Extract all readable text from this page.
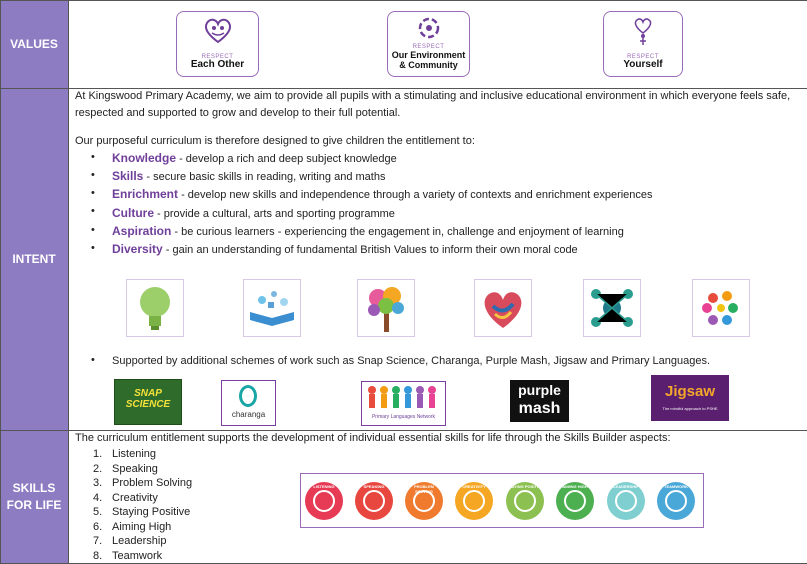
VALUES
RESPECT
Each Other
RESPECT
Our Environment & Community
RESPECT
Yourself
INTENT
At Kingswood Primary Academy, we aim to provide all pupils with a stimulating and inclusive educational environment in which everyone feels safe, respected and supported to grow and develop to their full potential.
Our purposeful curriculum is therefore designed to give children the entitlement to:
• Knowledge - develop a rich and deep subject knowledge
• Skills - secure basic skills in reading, writing and maths
• Enrichment - develop new skills and independence through a variety of contexts and enrichment experiences
• Culture - provide a cultural, arts and sporting programme
• Aspiration - be curious learners - experiencing the engagement in, challenge and enjoyment of learning
• Diversity - gain an understanding of fundamental British Values to inform their own moral code
• Supported by additional schemes of work such as Snap Science, Charanga, Purple Mash, Jigsaw and Primary Languages.
SNAP SCIENCE
charanga	Primary Languages Network
purple
mash
Jigsaw
The mindful approach to PSHE
SKILLS
FOR LIFE
The curriculum entitlement supports the development of individual essential skills for life through the Skills Builder aspects:
1. Listening
2. Speaking
3. Problem Solving
4. Creativity
5. Staying Positive
6. Aiming High
7. Leadership
8. Teamwork
LISTENING	SPEAKING	PROBLEM SOLVING
CREATIVITY	STAYING POSITIVE	AIMING HIGH	LEADERSHIP	TEAMWORK
